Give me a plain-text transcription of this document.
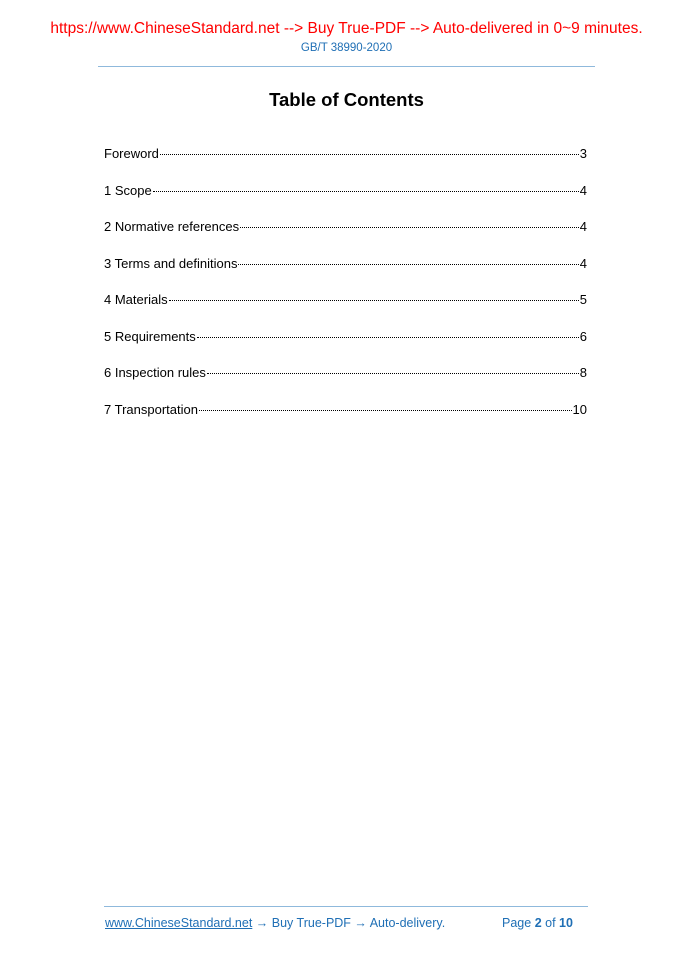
https://www.ChineseStandard.net --> Buy True-PDF --> Auto-delivered in 0~9 minutes.
GB/T 38990-2020
Table of Contents
Foreword	3
1 Scope	4
2 Normative references	4
3 Terms and definitions	4
4 Materials	5
5 Requirements	6
6 Inspection rules	8
7 Transportation	10
www.ChineseStandard.net → Buy True-PDF → Auto-delivery.	Page 2 of 10
